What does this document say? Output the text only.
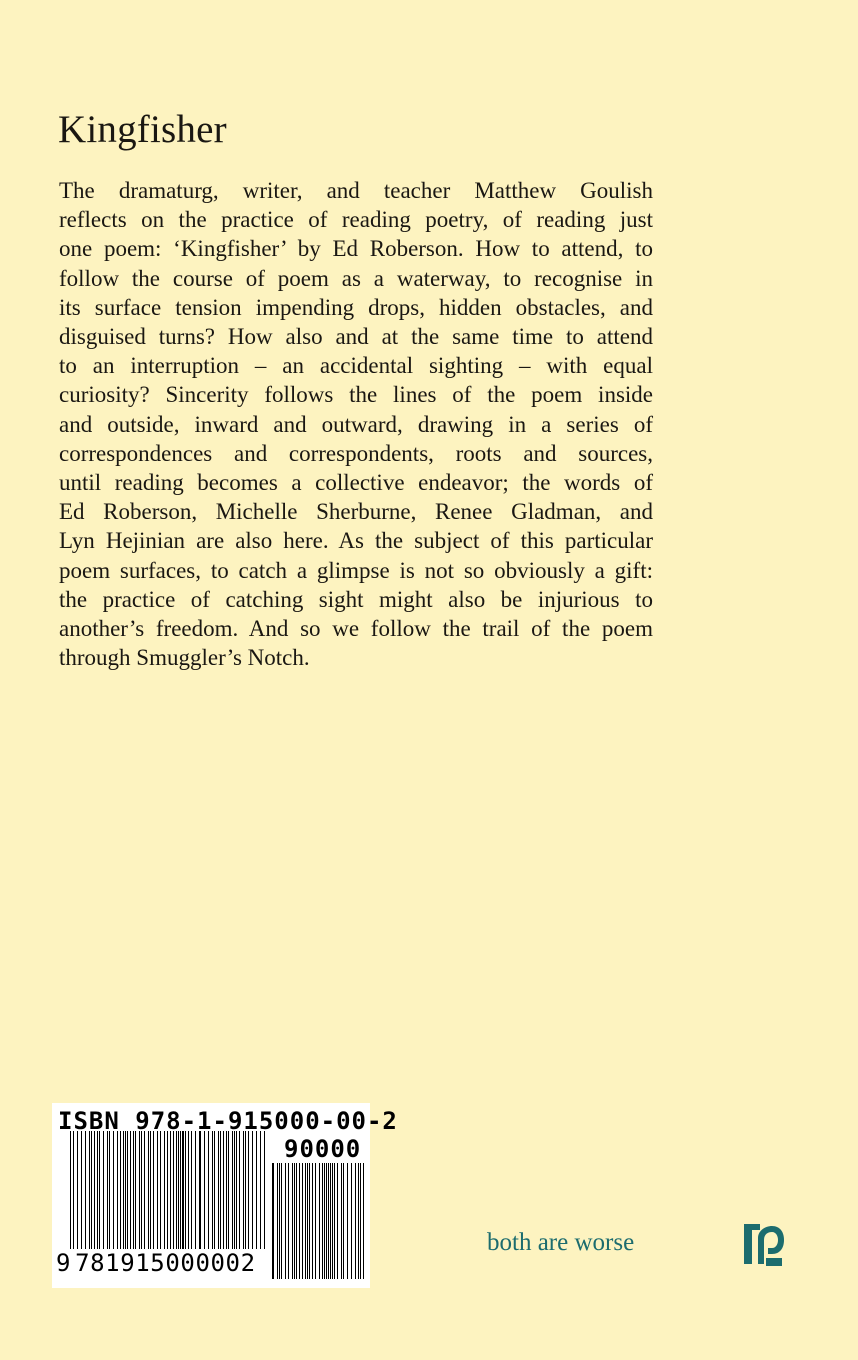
Kingfisher
The dramaturg, writer, and teacher Matthew Goulish
reflects on the practice of reading poetry, of reading just
one poem: ‘Kingfisher’ by Ed Roberson. How to attend, to
follow the course of poem as a waterway, to recognise in
its surface tension impending drops, hidden obstacles, and
disguised turns? How also and at the same time to attend
to an interruption – an accidental sighting – with equal
curiosity? Sincerity follows the lines of the poem inside
and outside, inward and outward, drawing in a series of
correspondences and correspondents, roots and sources,
until reading becomes a collective endeavor; the words of
Ed Roberson, Michelle Sherburne, Renee Gladman, and
Lyn Hejinian are also here. As the subject of this particular
poem surfaces, to catch a glimpse is not so obviously a gift:
the practice of catching sight might also be injurious to
another’s freedom. And so we follow the trail of the poem
through Smuggler’s Notch.
ISBN 978-1-915000-00-2
90000
9 781915000002
both are worse
